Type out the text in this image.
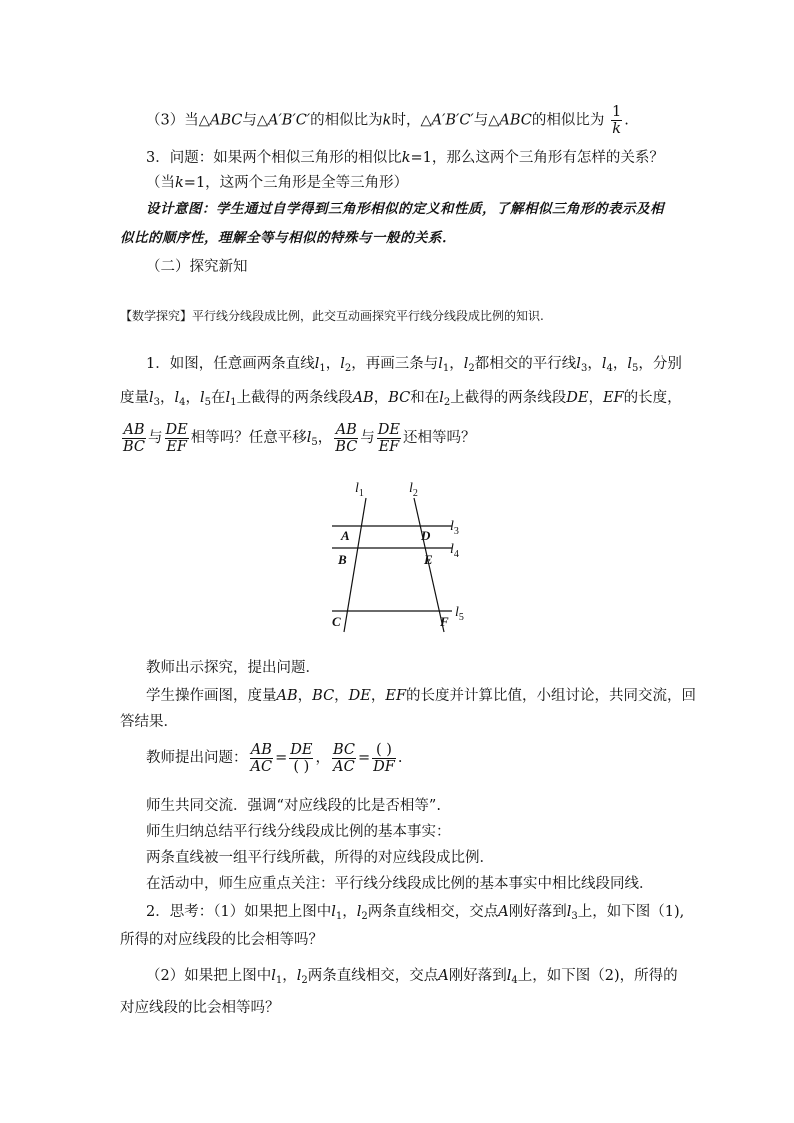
（3）当△ABC与△A′B′C′的相似比为k时，△A′B′C′与△ABC的相似比为 $\frac{1}{k}$ .
3．问题：如果两个相似三角形的相似比k=1，那么这两个三角形有怎样的关系？
（当k=1，这两个三角形是全等三角形）
设计意图：学生通过自学得到三角形相似的定义和性质，了解相似三角形的表示及相
似比的顺序性，理解全等与相似的特殊与一般的关系．
（二）探究新知
【数学探究】平行线分线段成比例，此交互动画探究平行线分线段成比例的知识.
1．如图，任意画两条直线$l_1$，$l_2$，再画三条与$l_1$，$l_2$都相交的平行线$l_3$，$l_4$，$l_5$，分别
度量$l_3$，$l_4$，$l_5$在$l_1$上截得的两条线段AB，BC和在$l_2$上截得的两条线段DE，EF的长度，
$\frac{AB}{BC}$ 与 $\frac{DE}{EF}$ 相等吗？任意平移$l_5$， $\frac{AB}{BC}$ 与 $\frac{DE}{EF}$ 还相等吗？
$l_1$	$l_2$
$l_3$
$l_4$
$l_5$
A
B
C
D
E
F
教师出示探究，提出问题．
学生操作画图，度量AB，BC，DE，EF的长度并计算比值，小组讨论，共同交流，回
答结果．
教师提出问题： $\frac{AB}{AC} = \frac{DE}{( )}$ ， $\frac{BC}{AC} = \frac{( )}{DF}$ .
师生共同交流．强调“对应线段的比是否相等”.
师生归纳总结平行线分线段成比例的基本事实：
两条直线被一组平行线所截，所得的对应线段成比例．
在活动中，师生应重点关注：平行线分线段成比例的基本事实中相比线段同线．
2．思考：（1）如果把上图中$l_1$，$l_2$两条直线相交，交点A刚好落到$l_3$上，如下图（1),
所得的对应线段的比会相等吗？
（2）如果把上图中$l_1$，$l_2$两条直线相交，交点A刚好落到$l_4$上，如下图（2)，所得的
对应线段的比会相等吗？
